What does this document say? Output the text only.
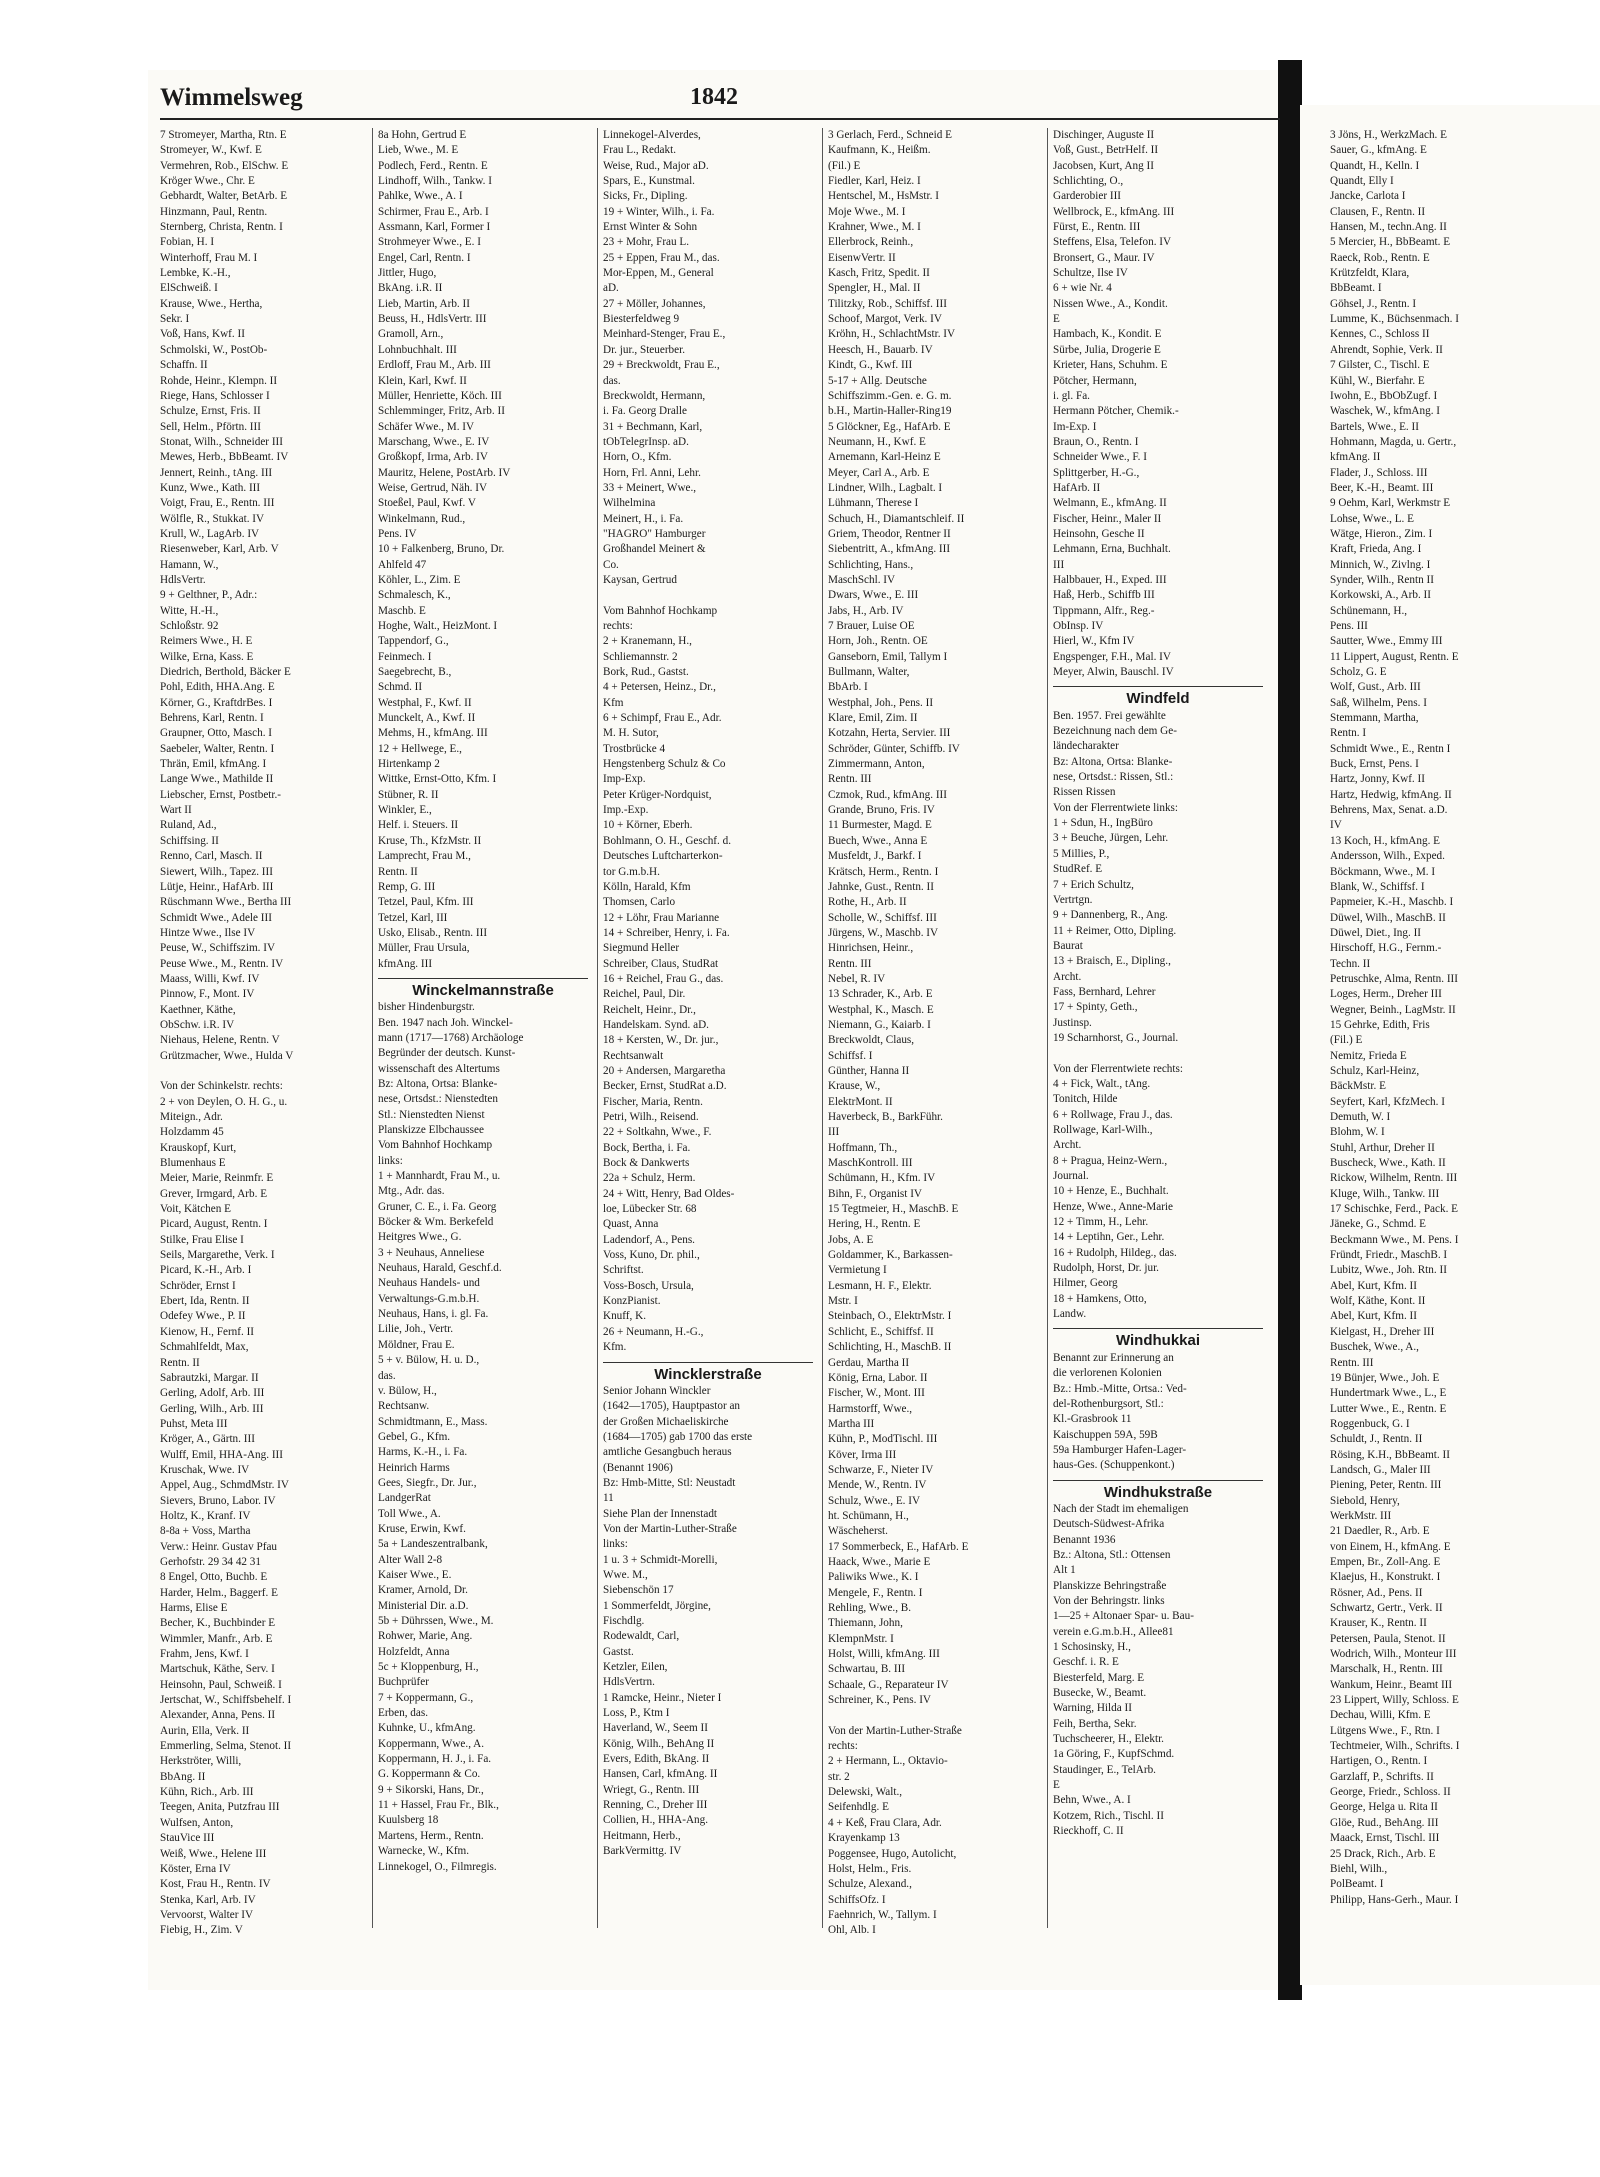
Wimmelsweg	1842
7 Stromeyer, Martha, Rtn. E
Stromeyer, W., Kwf. E
Vermehren, Rob., ElSchw. E
Kröger Wwe., Chr. E
Gebhardt, Walter, BetArb. E
Hinzmann, Paul, Rentn.
Sternberg, Christa, Rentn. I
Fobian, H. I
Winterhoff, Frau M. I
Lembke, K.-H.,
ElSchweiß. I
Krause, Wwe., Hertha,
Sekr. I
Voß, Hans, Kwf. II
Schmolski, W., PostOb-
Schaffn. II
Rohde, Heinr., Klempn. II
Riege, Hans, Schlosser I
Schulze, Ernst, Fris. II
Sell, Helm., Pförtn. III
Stonat, Wilh., Schneider III
Mewes, Herb., BbBeamt. IV
Jennert, Reinh., tAng. III
Kunz, Wwe., Kath. III
Voigt, Frau, E., Rentn. III
Wölfle, R., Stukkat. IV
Krull, W., LagArb. IV
Riesenweber, Karl, Arb. V
Hamann, W.,
HdlsVertr.
9 + Gelthner, P., Adr.:
Witte, H.-H.,
Schloßstr. 92
Reimers Wwe., H. E
Wilke, Erna, Kass. E
Diedrich, Berthold, Bäcker E
Pohl, Edith, HHA.Ang. E
Körner, G., KraftdrBes. I
Behrens, Karl, Rentn. I
Graupner, Otto, Masch. I
Saebeler, Walter, Rentn. I
Thrän, Emil, kfmAng. I
Lange Wwe., Mathilde II
Liebscher, Ernst, Postbetr.-
Wart II
Ruland, Ad.,
Schiffsing. II
Renno, Carl, Masch. II
Siewert, Wilh., Tapez. III
Lütje, Heinr., HafArb. III
Rüschmann Wwe., Bertha III
Schmidt Wwe., Adele III
Hintze Wwe., Ilse IV
Peuse, W., Schiffszim. IV
Peuse Wwe., M., Rentn. IV
Maass, Willi, Kwf. IV
Pinnow, F., Mont. IV
Kaethner, Käthe,
ObSchw. i.R. IV
Niehaus, Helene, Rentn. V
Grützmacher, Wwe., Hulda V

Von der Schinkelstr. rechts:
2 + von Deylen, O. H. G., u.
Miteign., Adr.
Holzdamm 45
Krauskopf, Kurt,
Blumenhaus E
Meier, Marie, Reinmfr. E
Grever, Irmgard, Arb. E
Voit, Kätchen E
Picard, August, Rentn. I
Stilke, Frau Elise I
Seils, Margarethe, Verk. I
Picard, K.-H., Arb. I
Schröder, Ernst I
Ebert, Ida, Rentn. II
Odefey Wwe., P. II
Kienow, H., Fernf. II
Schmahlfeldt, Max,
Rentn. II
Sabrautzki, Margar. II
Gerling, Adolf, Arb. III
Gerling, Wilh., Arb. III
Puhst, Meta III
Kröger, A., Gärtn. III
Wulff, Emil, HHA-Ang. III
Kruschak, Wwe. IV
Appel, Aug., SchmdMstr. IV
Sievers, Bruno, Labor. IV
Holtz, K., Kranf. IV
8-8a + Voss, Martha
Verw.: Heinr. Gustav Pfau
Gerhofstr. 29 34 42 31
8 Engel, Otto, Buchb. E
Harder, Helm., Baggerf. E
Harms, Elise E
Becher, K., Buchbinder E
Wimmler, Manfr., Arb. E
Frahm, Jens, Kwf. I
Martschuk, Käthe, Serv. I
Heinsohn, Paul, Schweiß. I
Jertschat, W., Schiffsbehelf. I
Alexander, Anna, Pens. II
Aurin, Ella, Verk. II
Emmerling, Selma, Stenot. II
Herkströter, Willi,
BbAng. II
Kühn, Rich., Arb. III
Teegen, Anita, Putzfrau III
Wulfsen, Anton,
StauVice III
Weiß, Wwe., Helene III
Köster, Erna IV
Kost, Frau H., Rentn. IV
Stenka, Karl, Arb. IV
Vervoorst, Walter IV
Fiebig, H., Zim. V
8a Hohn, Gertrud E
Lieb, Wwe., M. E
Podlech, Ferd., Rentn. E
Lindhoff, Wilh., Tankw. I
Pahlke, Wwe., A. I
Schirmer, Frau E., Arb. I
Assmann, Karl, Former I
Strohmeyer Wwe., E. I
Engel, Carl, Rentn. I
Jittler, Hugo,
BkAng. i.R. II
Lieb, Martin, Arb. II
Beuss, H., HdlsVertr. III
Gramoll, Arn.,
Lohnbuchhalt. III
Erdloff, Frau M., Arb. III
Klein, Karl, Kwf. II
Müller, Henriette, Köch. III
Schlemminger, Fritz, Arb. II
Schäfer Wwe., M. IV
Marschang, Wwe., E. IV
Großkopf, Irma, Arb. IV
Mauritz, Helene, PostArb. IV
Weise, Gertrud, Näh. IV
Stoeßel, Paul, Kwf. V
Winkelmann, Rud.,
Pens. IV
10 + Falkenberg, Bruno, Dr.
Ahlfeld 47
Köhler, L., Zim. E
Schmalesch, K.,
Maschb. E
Hoghe, Walt., HeizMont. I
Tappendorf, G.,
Feinmech. I
Saegebrecht, B.,
Schmd. II
Westphal, F., Kwf. II
Munckelt, A., Kwf. II
Mehms, H., kfmAng. III
12 + Hellwege, E.,
Hirtenkamp 2
Wittke, Ernst-Otto, Kfm. I
Stübner, R. II
Winkler, E.,
Helf. i. Steuers. II
Kruse, Th., KfzMstr. II
Lamprecht, Frau M.,
Rentn. II
Remp, G. III
Tetzel, Paul, Kfm. III
Tetzel, Karl, III
Usko, Elisab., Rentn. III
Müller, Frau Ursula,
kfmAng. III
Winckelmannstraße
bisher Hindenburgstr.
Ben. 1947 nach Joh. Winckel-
mann (1717—1768) Archäologe
Begründer der deutsch. Kunst-
wissenschaft des Altertums
Bz: Altona, Ortsa: Blanke-
nese, Ortsdst.: Nienstedten
Stl.: Nienstedten Nienst
Planskizze Elbchaussee
Vom Bahnhof Hochkamp
links:
1 + Mannhardt, Frau M., u.
Mtg., Adr. das.
Gruner, C. E., i. Fa. Georg
Böcker & Wm. Berkefeld
Heitgres Wwe., G.
3 + Neuhaus, Anneliese
Neuhaus, Harald, Geschf.d.
Neuhaus Handels- und
Verwaltungs-G.m.b.H.
Neuhaus, Hans, i. gl. Fa.
Lilie, Joh., Vertr.
Möldner, Frau E.
5 + v. Bülow, H. u. D.,
das.
v. Bülow, H.,
Rechtsanw.
Schmidtmann, E., Mass.
Gebel, G., Kfm.
Harms, K.-H., i. Fa.
Heinrich Harms
Gees, Siegfr., Dr. Jur.,
LandgerRat
Toll Wwe., A.
Kruse, Erwin, Kwf.
5a + Landeszentralbank,
Alter Wall 2-8
Kaiser Wwe., E.
Kramer, Arnold, Dr.
Ministerial Dir. a.D.
5b + Dührssen, Wwe., M.
Rohwer, Marie, Ang.
Holzfeldt, Anna
5c + Kloppenburg, H.,
Buchprüfer
7 + Koppermann, G.,
Erben, das.
Kuhnke, U., kfmAng.
Koppermann, Wwe., A.
Koppermann, H. J., i. Fa.
G. Koppermann & Co.
9 + Sikorski, Hans, Dr.,
11 + Hassel, Frau Fr., Blk.,
Kuulsberg 18
Martens, Herm., Rentn.
Warnecke, W., Kfm.
Linnekogel, O., Filmregis.
Linnekogel-Alverdes,
Frau L., Redakt.
Weise, Rud., Major aD.
Spars, E., Kunstmal.
Sicks, Fr., Dipling.
19 + Winter, Wilh., i. Fa.
Ernst Winter & Sohn
23 + Mohr, Frau L.
25 + Eppen, Frau M., das.
Mor-Eppen, M., General
aD.
27 + Möller, Johannes,
Biesterfeldweg 9
Meinhard-Stenger, Frau E.,
Dr. jur., Steuerber.
29 + Breckwoldt, Frau E.,
das.
Breckwoldt, Hermann,
i. Fa. Georg Dralle
31 + Bechmann, Karl,
tObTelegrInsp. aD.
Horn, O., Kfm.
Horn, Frl. Anni, Lehr.
33 + Meinert, Wwe.,
Wilhelmina
Meinert, H., i. Fa.
"HAGRO" Hamburger
Großhandel Meinert &
Co.
Kaysan, Gertrud

Vom Bahnhof Hochkamp
rechts:
2 + Kranemann, H.,
Schliemannstr. 2
Bork, Rud., Gastst.
4 + Petersen, Heinz., Dr.,
Kfm
6 + Schimpf, Frau E., Adr.
M. H. Sutor,
Trostbrücke 4
Hengstenberg Schulz & Co
Imp-Exp.
Peter Krüger-Nordquist,
Imp.-Exp.
10 + Körner, Eberh.
Bohlmann, O. H., Geschf. d.
Deutsches Luftcharterkon-
tor G.m.b.H.
Kölln, Harald, Kfm
Thomsen, Carlo
12 + Löhr, Frau Marianne
14 + Schreiber, Henry, i. Fa.
Siegmund Heller
Schreiber, Claus, StudRat
16 + Reichel, Frau G., das.
Reichel, Paul, Dir.
Reichelt, Heinr., Dr.,
Handelskam. Synd. aD.
18 + Kersten, W., Dr. jur.,
Rechtsanwalt
20 + Andersen, Margaretha
Becker, Ernst, StudRat a.D.
Fischer, Maria, Rentn.
Petri, Wilh., Reisend.
22 + Soltkahn, Wwe., F.
Bock, Bertha, i. Fa.
Bock & Dankwerts
22a + Schulz, Herm.
24 + Witt, Henry, Bad Oldes-
loe, Lübecker Str. 68
Quast, Anna
Ladendorf, A., Pens.
Voss, Kuno, Dr. phil.,
Schriftst.
Voss-Bosch, Ursula,
KonzPianist.
Knuff, K.
26 + Neumann, H.-G.,
Kfm.
Wincklerstraße
Senior Johann Winckler
(1642—1705), Hauptpastor an
der Großen Michaeliskirche
(1684—1705) gab 1700 das erste
amtliche Gesangbuch heraus
(Benannt 1906)
Bz: Hmb-Mitte, Stl: Neustadt
11
Siehe Plan der Innenstadt
Von der Martin-Luther-Straße
links:
1 u. 3 + Schmidt-Morelli,
Wwe. M.,
Siebenschön 17
1 Sommerfeldt, Jörgine,
Fischdlg.
Rodewaldt, Carl,
Gastst.
Ketzler, Eilen,
HdlsVertrn.
1 Ramcke, Heinr., Nieter I
Loss, P., Ktm I
Haverland, W., Seem II
König, Wilh., BehAng II
Evers, Edith, BkAng. II
Hansen, Carl, kfmAng. II
Wriegt, G., Rentn. III
Renning, C., Dreher III
Collien, H., HHA-Ang.
Heitmann, Herb.,
BarkVermittg. IV
3 Gerlach, Ferd., Schneid E
Kaufmann, K., Heißm.
(Fil.) E
Fiedler, Karl, Heiz. I
Hentschel, M., HsMstr. I
Moje Wwe., M. I
Krahner, Wwe., M. I
Ellerbrock, Reinh.,
EisenwVertr. II
Kasch, Fritz, Spedit. II
Spengler, H., Mal. II
Tilitzky, Rob., Schiffsf. III
Schoof, Margot, Verk. IV
Kröhn, H., SchlachtMstr. IV
Heesch, H., Bauarb. IV
Kindt, G., Kwf. III
5-17 + Allg. Deutsche
Schiffszimm.-Gen. e. G. m.
b.H., Martin-Haller-Ring19
5 Glöckner, Eg., HafArb. E
Neumann, H., Kwf. E
Arnemann, Karl-Heinz E
Meyer, Carl A., Arb. E
Lindner, Wilh., Lagbalt. I
Lühmann, Therese I
Schuch, H., Diamantschleif. II
Griem, Theodor, Rentner II
Siebentritt, A., kfmAng. III
Schlichting, Hans.,
MaschSchl. IV
Dwars, Wwe., E. III
Jabs, H., Arb. IV
7 Brauer, Luise OE
Horn, Joh., Rentn. OE
Ganseborn, Emil, Tallym I
Bullmann, Walter,
BbArb. I
Westphal, Joh., Pens. II
Klare, Emil, Zim. II
Kotzahn, Herta, Servier. III
Schröder, Günter, Schiffb. IV
Zimmermann, Anton,
Rentn. III
Czmok, Rud., kfmAng. III
Grande, Bruno, Fris. IV
11 Burmester, Magd. E
Buech, Wwe., Anna E
Musfeldt, J., Barkf. I
Krätsch, Herm., Rentn. I
Jahnke, Gust., Rentn. II
Rothe, H., Arb. II
Scholle, W., Schiffsf. III
Jürgens, W., Maschb. IV
Hinrichsen, Heinr.,
Rentn. III
Nebel, R. IV
13 Schrader, K., Arb. E
Westphal, K., Masch. E
Niemann, G., Kaiarb. I
Breckwoldt, Claus,
Schiffsf. I
Günther, Hanna II
Krause, W.,
ElektrMont. II
Haverbeck, B., BarkFühr.
III
Hoffmann, Th.,
MaschKontroll. III
Schümann, H., Kfm. IV
Bihn, F., Organist IV
15 Tegtmeier, H., MaschB. E
Hering, H., Rentn. E
Jobs, A. E
Goldammer, K., Barkassen-
Vermietung I
Lesmann, H. F., Elektr.
Mstr. I
Steinbach, O., ElektrMstr. I
Schlicht, E., Schiffsf. II
Schlichting, H., MaschB. II
Gerdau, Martha II
König, Erna, Labor. II
Fischer, W., Mont. III
Harmstorff, Wwe.,
Martha III
Kühn, P., ModTischl. III
Köver, Irma III
Schwarze, F., Nieter IV
Mende, W., Rentn. IV
Schulz, Wwe., E. IV
ht. Schümann, H.,
Wäscheherst.
17 Sommerbeck, E., HafArb. E
Haack, Wwe., Marie E
Paliwiks Wwe., K. I
Mengele, F., Rentn. I
Rehling, Wwe., B.
Thiemann, John,
KlempnMstr. I
Holst, Willi, kfmAng. III
Schwartau, B. III
Schaale, G., Reparateur IV
Schreiner, K., Pens. IV

Von der Martin-Luther-Straße
rechts:
2 + Hermann, L., Oktavio-
str. 2
Delewski, Walt.,
Seifenhdlg. E
4 + Keß, Frau Clara, Adr.
Krayenkamp 13
Poggensee, Hugo, Autolicht,
Holst, Helm., Fris.
Schulze, Alexand.,
SchiffsOfz. I
Faehnrich, W., Tallym. I
Ohl, Alb. I
Dischinger, Auguste II
Voß, Gust., BetrHelf. II
Jacobsen, Kurt, Ang II
Schlichting, O.,
Garderobier III
Wellbrock, E., kfmAng. III
Fürst, E., Rentn. III
Steffens, Elsa, Telefon. IV
Bronsert, G., Maur. IV
Schultze, Ilse IV
6 + wie Nr. 4
Nissen Wwe., A., Kondit.
E
Hambach, K., Kondit. E
Sürbe, Julia, Drogerie E
Krieter, Hans, Schuhm. E
Pötcher, Hermann,
i. gl. Fa.
Hermann Pötcher, Chemik.-
Im-Exp. I
Braun, O., Rentn. I
Schneider Wwe., F. I
Splittgerber, H.-G.,
HafArb. II
Welmann, E., kfmAng. II
Fischer, Heinr., Maler II
Heinsohn, Gesche II
Lehmann, Erna, Buchhalt.
III
Halbbauer, H., Exped. III
Haß, Herb., Schiffb III
Tippmann, Alfr., Reg.-
ObInsp. IV
Hierl, W., Kfm IV
Engspenger, F.H., Mal. IV
Meyer, Alwin, Bauschl. IV
Windfeld
Ben. 1957. Frei gewählte
Bezeichnung nach dem Ge-
ländecharakter
Bz: Altona, Ortsa: Blanke-
nese, Ortsdst.: Rissen, Stl.:
Rissen Rissen
Von der Flerrentwiete links:
1 + Sdun, H., IngBüro
3 + Beuche, Jürgen, Lehr.
5 Millies, P.,
StudRef. E
7 + Erich Schultz,
Vertrtgn.
9 + Dannenberg, R., Ang.
11 + Reimer, Otto, Dipling.
Baurat
13 + Braisch, E., Dipling.,
Archt.
Fass, Bernhard, Lehrer
17 + Spinty, Geth.,
Justinsp.
19 Scharnhorst, G., Journal.

Von der Flerrentwiete rechts:
4 + Fick, Walt., tAng.
Tonitch, Hilde
6 + Rollwage, Frau J., das.
Rollwage, Karl-Wilh.,
Archt.
8 + Pragua, Heinz-Wern.,
Journal.
10 + Henze, E., Buchhalt.
Henze, Wwe., Anne-Marie
12 + Timm, H., Lehr.
14 + Leptihn, Ger., Lehr.
16 + Rudolph, Hildeg., das.
Rudolph, Horst, Dr. jur.
Hilmer, Georg
18 + Hamkens, Otto,
Landw.
Windhukkai
Benannt zur Erinnerung an
die verlorenen Kolonien
Bz.: Hmb.-Mitte, Ortsa.: Ved-
del-Rothenburgsort, Stl.:
Kl.-Grasbrook 11
Kaischuppen 59A, 59B
59a Hamburger Hafen-Lager-
haus-Ges. (Schuppenkont.)
Windhukstraße
Nach der Stadt im ehemaligen
Deutsch-Südwest-Afrika
Benannt 1936
Bz.: Altona, Stl.: Ottensen
Alt 1
Planskizze Behringstraße
Von der Behringstr. links
1—25 + Altonaer Spar- u. Bau-
verein e.G.m.b.H., Allee81
1 Schosinsky, H.,
Geschf. i. R. E
Biesterfeld, Marg. E
Busecke, W., Beamt.
Warning, Hilda II
Feih, Bertha, Sekr.
Tuchscheerer, H., Elektr.
1a Göring, F., KupfSchmd.
Staudinger, E., TelArb.
E
Behn, Wwe., A. I
Kotzem, Rich., Tischl. II
Rieckhoff, C. II
3 Jöns, H., WerkzMach. E
Sauer, G., kfmAng. E
Quandt, H., Kelln. I
Quandt, Elly I
Jancke, Carlota I
Clausen, F., Rentn. II
Hansen, M., techn.Ang. II
5 Mercier, H., BbBeamt. E
Raeck, Rob., Rentn. E
Krützfeldt, Klara,
BbBeamt. I
Göhsel, J., Rentn. I
Lumme, K., Büchsenmach. I
Kennes, C., Schloss II
Ahrendt, Sophie, Verk. II
7 Gilster, C., Tischl. E
Kühl, W., Bierfahr. E
Iwohn, E., BbObZugf. I
Waschek, W., kfmAng. I
Bartels, Wwe., E. II
Hohmann, Magda, u. Gertr.,
kfmAng. II
Flader, J., Schloss. III
Beer, K.-H., Beamt. III
9 Oehm, Karl, Werkmstr E
Lohse, Wwe., L. E
Wätge, Hieron., Zim. I
Kraft, Frieda, Ang. I
Minnich, W., Zivlng. I
Synder, Wilh., Rentn II
Korkowski, A., Arb. II
Schünemann, H.,
Pens. III
Sautter, Wwe., Emmy III
11 Lippert, August, Rentn. E
Scholz, G. E
Wolf, Gust., Arb. III
Saß, Wilhelm, Pens. I
Stemmann, Martha,
Rentn. I
Schmidt Wwe., E., Rentn I
Buck, Ernst, Pens. I
Hartz, Jonny, Kwf. II
Hartz, Hedwig, kfmAng. II
Behrens, Max, Senat. a.D.
IV
13 Koch, H., kfmAng. E
Andersson, Wilh., Exped.
Böckmann, Wwe., M. I
Blank, W., Schiffsf. I
Papmeier, K.-H., Maschb. I
Düwel, Wilh., MaschB. II
Düwel, Diet., Ing. II
Hirschoff, H.G., Fernm.-
Techn. II
Petruschke, Alma, Rentn. III
Loges, Herm., Dreher III
Wegner, Beinh., LagMstr. II
15 Gehrke, Edith, Fris
(Fil.) E
Nemitz, Frieda E
Schulz, Karl-Heinz,
BäckMstr. E
Seyfert, Karl, KfzMech. I
Demuth, W. I
Blohm, W. I
Stuhl, Arthur, Dreher II
Buscheck, Wwe., Kath. II
Rickow, Wilhelm, Rentn. III
Kluge, Wilh., Tankw. III
17 Schischke, Ferd., Pack. E
Jäneke, G., Schmd. E
Beckmann Wwe., M. Pens. I
Fründt, Friedr., MaschB. I
Lubitz, Wwe., Joh. Rtn. II
Abel, Kurt, Kfm. II
Wolf, Käthe, Kont. II
Abel, Kurt, Kfm. II
Kielgast, H., Dreher III
Buschek, Wwe., A.,
Rentn. III
19 Bünjer, Wwe., Joh. E
Hundertmark Wwe., L., E
Lutter Wwe., E., Rentn. E
Roggenbuck, G. I
Schuldt, J., Rentn. II
Rösing, K.H., BbBeamt. II
Landsch, G., Maler III
Piening, Peter, Rentn. III
Siebold, Henry,
WerkMstr. III
21 Daedler, R., Arb. E
von Einem, H., kfmAng. E
Empen, Br., Zoll-Ang. E
Klaejus, H., Konstrukt. I
Rösner, Ad., Pens. II
Schwartz, Gertr., Verk. II
Krauser, K., Rentn. II
Petersen, Paula, Stenot. II
Wodrich, Wilh., Monteur III
Marschalk, H., Rentn. III
Wankum, Heinr., Beamt III
23 Lippert, Willy, Schloss. E
Dechau, Willi, Kfm. E
Lütgens Wwe., F., Rtn. I
Techtmeier, Wilh., Schrifts. I
Hartigen, O., Rentn. I
Garzlaff, P., Schrifts. II
George, Friedr., Schloss. II
George, Helga u. Rita II
Glöe, Rud., BehAng. III
Maack, Ernst, Tischl. III
25 Drack, Rich., Arb. E
Biehl, Wilh.,
PolBeamt. I
Philipp, Hans-Gerh., Maur. I
